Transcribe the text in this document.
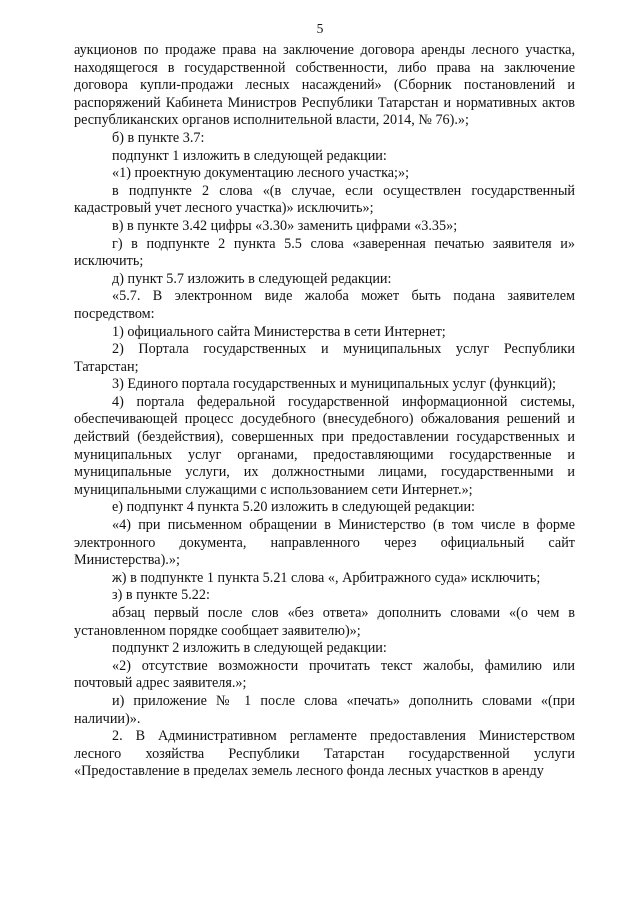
5

аукционов по продаже права на заключение договора аренды лесного участка, находящегося в государственной собственности, либо права на заключение договора купли-продажи лесных насаждений» (Сборник постановлений и распоряжений Кабинета Министров Республики Татарстан и нормативных актов республиканских органов исполнительной власти, 2014, № 76).»;

б) в пункте 3.7:

подпункт 1 изложить в следующей редакции:

«1) проектную документацию лесного участка;»;

в подпункте 2 слова «(в случае, если осуществлен государственный кадастровый учет лесного участка)» исключить»;

в) в пункте 3.42 цифры «3.30» заменить цифрами «3.35»;

г) в подпункте 2 пункта 5.5 слова «заверенная печатью заявителя и» исключить;

д) пункт 5.7 изложить в следующей редакции:

«5.7. В электронном виде жалоба может быть подана заявителем посредством:

1) официального сайта Министерства в сети Интернет;

2) Портала государственных и муниципальных услуг Республики Татарстан;

3) Единого портала государственных и муниципальных услуг (функций);

4) портала федеральной государственной информационной системы, обеспечивающей процесс досудебного (внесудебного) обжалования решений и действий (бездействия), совершенных при предоставлении государственных и муниципальных услуг органами, предоставляющими государственные и муниципальные услуги, их должностными лицами, государственными и муниципальными служащими с использованием сети Интернет.»;

е) подпункт 4 пункта 5.20 изложить в следующей редакции:

«4) при письменном обращении в Министерство (в том числе в форме электронного документа, направленного через официальный сайт Министерства).»;

ж) в подпункте 1 пункта 5.21 слова «, Арбитражного суда» исключить;

з) в пункте 5.22:

абзац первый после слов «без ответа» дополнить словами «(о чем в установленном порядке сообщает заявителю)»;

подпункт 2 изложить в следующей редакции:

«2) отсутствие возможности прочитать текст жалобы, фамилию или почтовый адрес заявителя.»;

и) приложение № 1 после слова «печать» дополнить словами «(при наличии)».

2. В Административном регламенте предоставления Министерством лесного хозяйства Республики Татарстан государственной услуги «Предоставление в пределах земель лесного фонда лесных участков в аренду
